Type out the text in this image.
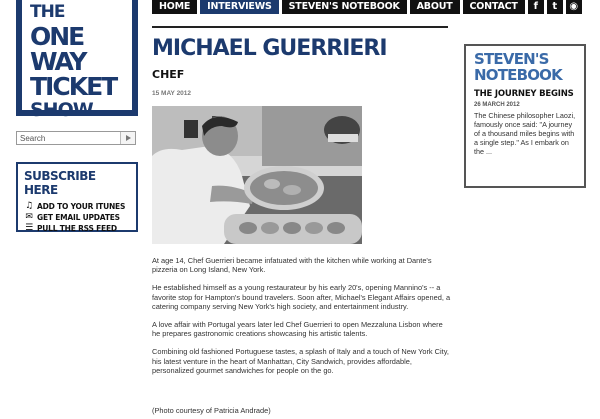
THE
ONE WAY
TICKET
SHOW
Search
SUBSCRIBE HERE
♫ ADD TO YOUR ITUNES
✉ GET EMAIL UPDATES
☰ PULL THE RSS FEED
HOME	INTERVIEWS	STEVEN'S NOTEBOOK	ABOUT	CONTACT	f	t	◉
MICHAEL GUERRIERI
CHEF
15 MAY 2012

At age 14, Chef Guerrieri became infatuated with the kitchen while working at Dante's pizzeria on Long Island, New York.

He established himself as a young restaurateur by his early 20's, opening Mannino's -- a favorite stop for Hampton's bound travelers. Soon after, Michael's Elegant Affairs opened, a catering company serving New York's high society, and entertainment industry.

A love affair with Portugal years later led Chef Guerrieri to open Mezzaluna Lisbon where he prepares gastronomic creations showcasing his artistic talents.

Combining old fashioned Portuguese tastes, a splash of Italy and a touch of New York City, his latest venture in the heart of Manhattan, City Sandwich, provides affordable, personalized gourmet sandwiches for people on the go.

(Photo courtesy of Patricia Andrade)
STEVEN'S
NOTEBOOK
THE JOURNEY BEGINS
26 MARCH 2012
The Chinese philosopher Laozi, famously once said: "A journey of a thousand miles begins with a single step." As I embark on the ...
